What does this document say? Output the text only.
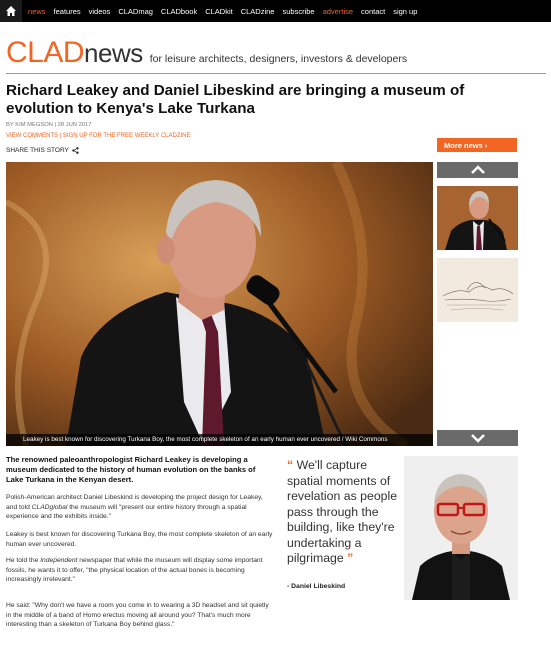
news features videos CLADmag CLADbook CLADkit CLADzine subscribe advertise contact sign up
CLAD news for leisure architects, designers, investors & developers
Richard Leakey and Daniel Libeskind are bringing a museum of evolution to Kenya's Lake Turkana
BY KIM MEGSON | 28 JUN 2017
VIEW COMMENTS | SIGN UP FOR THE FREE WEEKLY CLADZINE
SHARE THIS STORY
More news ›
Leakey is best known for discovering Turkana Boy, the most complete skeleton of an early human ever uncovered / Wiki Commons

The renowned paleoanthropologist Richard Leakey is developing a museum dedicated to the history of human evolution on the banks of Lake Turkana in the Kenyan desert.

Polish-American architect Daniel Libeskind is developing the project design for Leakey, and told CLADglobal the museum will "present our entire history through a spatial experience and the exhibits inside."

Leakey is best known for discovering Turkana Boy, the most complete skeleton of an early human ever uncovered.

He told the Independent newspaper that while the museum will display some important fossils, he wants it to offer, "the physical location of the actual bones is becoming increasingly irrelevant."

He said: "Why don't we have a room you come in to wearing a 3D headset and sit quietly in the middle of a band of Homo erectus moving all around you? That's much more interesting than a skeleton of Turkana Boy behind glass."

“ We'll capture spatial moments of revelation as people pass through the building, like they're undertaking a pilgrimage ”
- Daniel Libeskind
